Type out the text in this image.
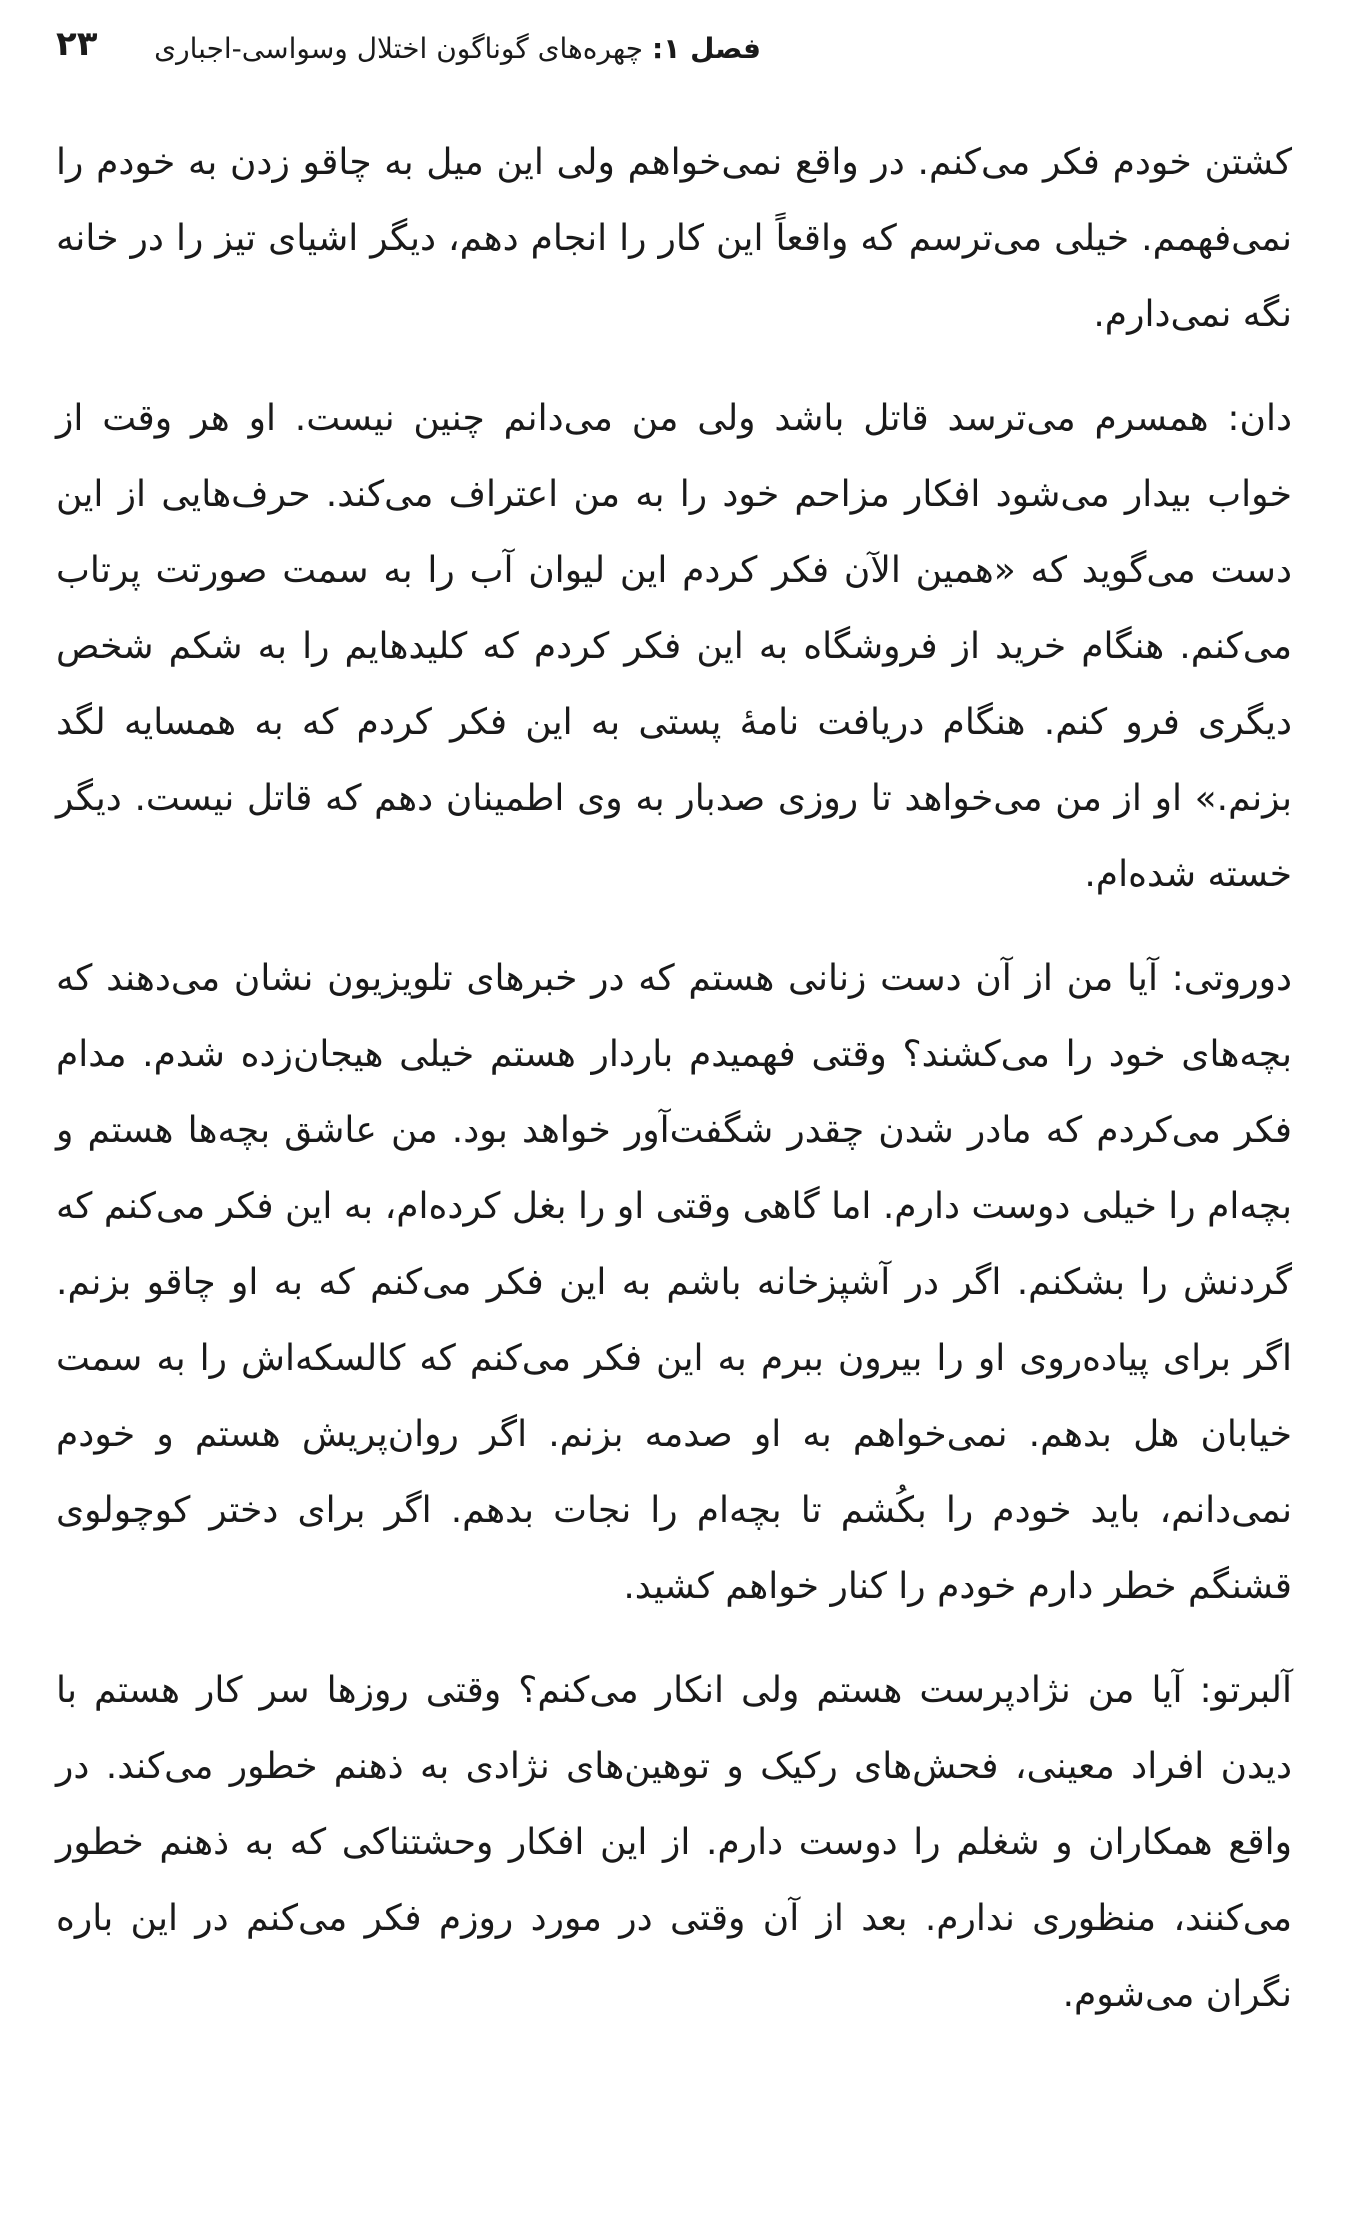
فصل ۱: چهره‌های گوناگون اختلال وسواسی-اجباری
۲۳

کشتن خودم فکر می‌کنم. در واقع نمی‌خواهم ولی این میل به چاقو زدن به خودم را نمی‌فهمم. خیلی می‌ترسم که واقعاً این کار را انجام دهم، دیگر اشیای تیز را در خانه نگه نمی‌دارم.

دان: همسرم می‌ترسد قاتل باشد ولی من می‌دانم چنین نیست. او هر وقت از خواب بیدار می‌شود افکار مزاحم خود را به من اعتراف می‌کند. حرف‌هایی از این دست می‌گوید که «همین الآن فکر کردم این لیوان آب را به سمت صورتت پرتاب می‌کنم. هنگام خرید از فروشگاه به این فکر کردم که کلیدهایم را به شکم شخص دیگری فرو کنم. هنگام دریافت نامۀ پستی به این فکر کردم که به همسایه لگد بزنم.» او از من می‌خواهد تا روزی صدبار به وی اطمینان دهم که قاتل نیست. دیگر خسته شده‌ام.

دوروتی: آیا من از آن دست زنانی هستم که در خبرهای تلویزیون نشان می‌دهند که بچه‌های خود را می‌کشند؟ وقتی فهمیدم باردار هستم خیلی هیجان‌زده شدم. مدام فکر می‌کردم که مادر شدن چقدر شگفت‌آور خواهد بود. من عاشق بچه‌ها هستم و بچه‌ام را خیلی دوست دارم. اما گاهی وقتی او را بغل کرده‌ام، به این فکر می‌کنم که گردنش را بشکنم. اگر در آشپزخانه باشم به این فکر می‌کنم که به او چاقو بزنم. اگر برای پیاده‌روی او را بیرون ببرم به این فکر می‌کنم که کالسکه‌اش را به سمت خیابان هل بدهم. نمی‌خواهم به او صدمه بزنم. اگر روان‌پریش هستم و خودم نمی‌دانم، باید خودم را بکُشم تا بچه‌ام را نجات بدهم. اگر برای دختر کوچولوی قشنگم خطر دارم خودم را کنار خواهم کشید.

آلبرتو: آیا من نژادپرست هستم ولی انکار می‌کنم؟ وقتی روزها سر کار هستم با دیدن افراد معینی، فحش‌های رکیک و توهین‌های نژادی به ذهنم خطور می‌کند. در واقع همکاران و شغلم را دوست دارم. از این افکار وحشتناکی که به ذهنم خطور می‌کنند، منظوری ندارم. بعد از آن وقتی در مورد روزم فکر می‌کنم در این باره نگران می‌شوم.
